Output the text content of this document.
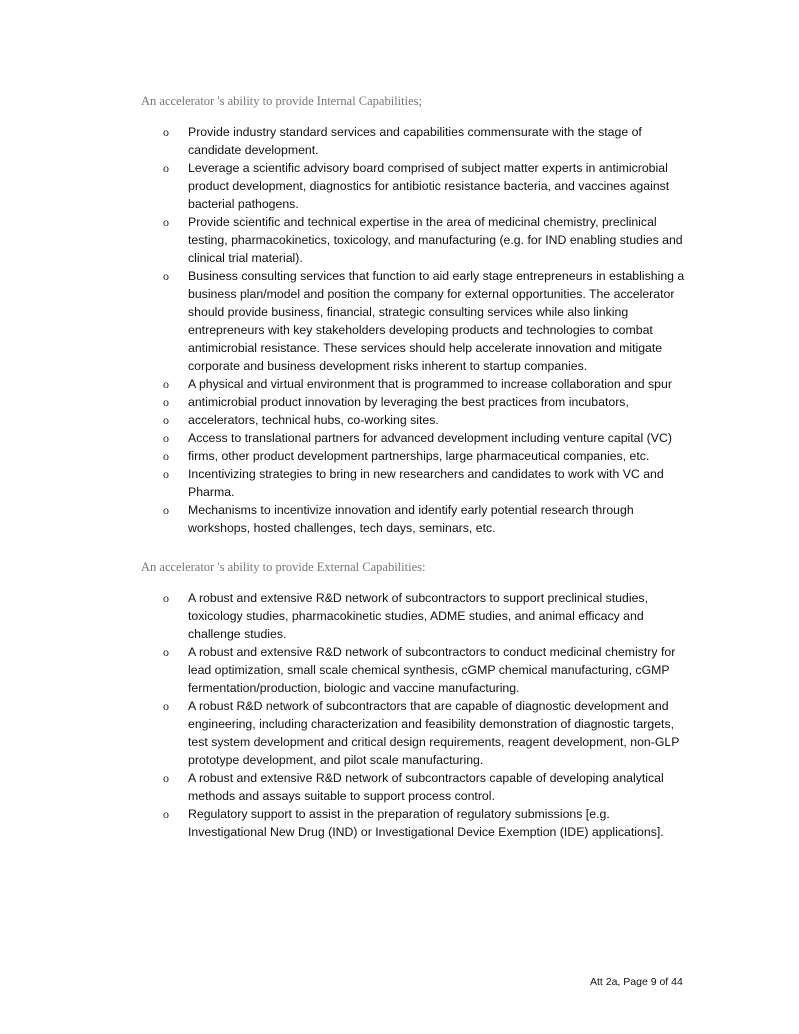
An accelerator 's ability to provide Internal Capabilities;

o Provide industry standard services and capabilities commensurate with the stage of candidate development.
o Leverage a scientific advisory board comprised of subject matter experts in antimicrobial product development, diagnostics for antibiotic resistance bacteria, and vaccines against bacterial pathogens.
o Provide scientific and technical expertise in the area of medicinal chemistry, preclinical testing, pharmacokinetics, toxicology, and manufacturing (e.g. for IND enabling studies and clinical trial material).
o Business consulting services that function to aid early stage entrepreneurs in establishing a business plan/model and position the company for external opportunities. The accelerator should provide business, financial, strategic consulting services while also linking entrepreneurs with key stakeholders developing products and technologies to combat antimicrobial resistance. These services should help accelerate innovation and mitigate corporate and business development risks inherent to startup companies.
o A physical and virtual environment that is programmed to increase collaboration and spur
o antimicrobial product innovation by leveraging the best practices from incubators,
o accelerators, technical hubs, co-working sites.
o Access to translational partners for advanced development including venture capital (VC)
o firms, other product development partnerships, large pharmaceutical companies, etc.
o Incentivizing strategies to bring in new researchers and candidates to work with VC and Pharma.
o Mechanisms to incentivize innovation and identify early potential research through workshops, hosted challenges, tech days, seminars, etc.

An accelerator 's ability to provide External Capabilities:

o A robust and extensive R&D network of subcontractors to support preclinical studies, toxicology studies, pharmacokinetic studies, ADME studies, and animal efficacy and challenge studies.
o A robust and extensive R&D network of subcontractors to conduct medicinal chemistry for lead optimization, small scale chemical synthesis, cGMP chemical manufacturing, cGMP fermentation/production, biologic and vaccine manufacturing.
o A robust R&D network of subcontractors that are capable of diagnostic development and engineering, including characterization and feasibility demonstration of diagnostic targets, test system development and critical design requirements, reagent development, non-GLP prototype development, and pilot scale manufacturing.
o A robust and extensive R&D network of subcontractors capable of developing analytical methods and assays suitable to support process control.
o Regulatory support to assist in the preparation of regulatory submissions [e.g. Investigational New Drug (IND) or Investigational Device Exemption (IDE) applications].
Att 2a, Page 9 of 44
